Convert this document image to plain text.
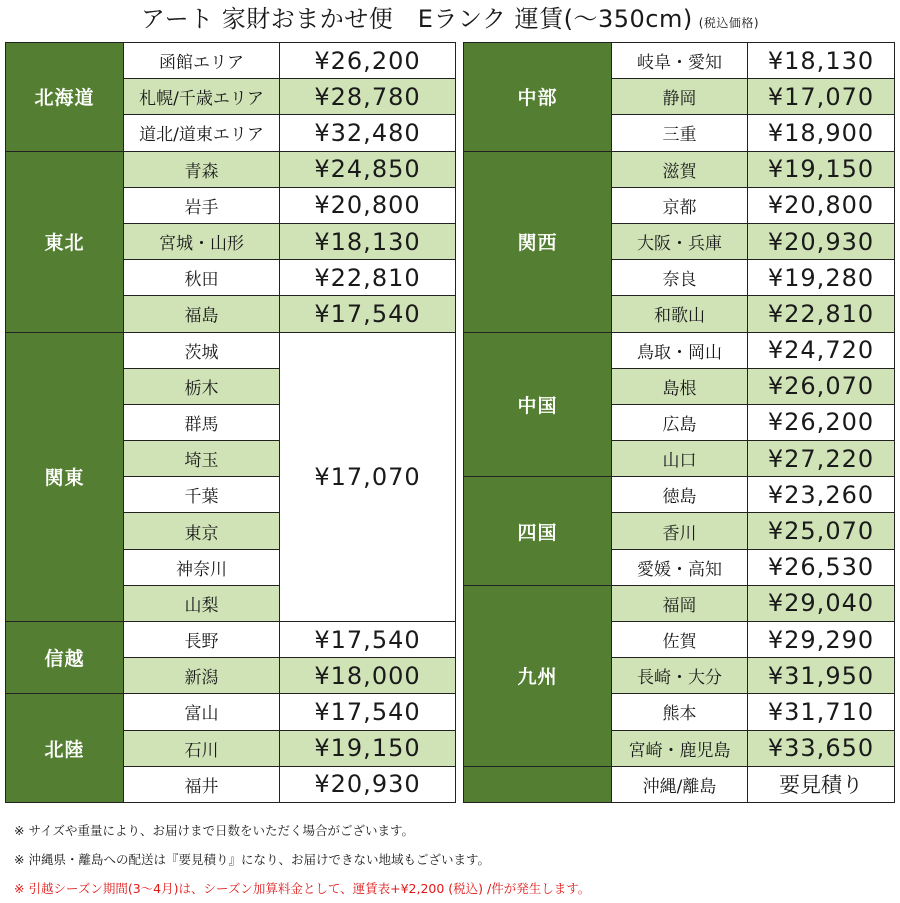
アート 家財おまかせ便　Eランク 運賃(～350cm) (税込価格)
北海道	函館エリア	¥26,200
	札幌/千歳エリア	¥28,780
	道北/道東エリア	¥32,480
東北	青森	¥24,850
	岩手	¥20,800
	宮城・山形	¥18,130
	秋田	¥22,810
	福島	¥17,540
関東	茨城	¥17,070
	栃木	
	群馬	
	埼玉	
	千葉	
	東京	
	神奈川	
	山梨	
信越	長野	¥17,540
	新潟	¥18,000
北陸	富山	¥17,540
	石川	¥19,150
	福井	¥20,930
中部	岐阜・愛知	¥18,130
	静岡	¥17,070
	三重	¥18,900
関西	滋賀	¥19,150
	京都	¥20,800
	大阪・兵庫	¥20,930
	奈良	¥19,280
	和歌山	¥22,810
中国	鳥取・岡山	¥24,720
	島根	¥26,070
	広島	¥26,200
	山口	¥27,220
四国	徳島	¥23,260
	香川	¥25,070
	愛媛・高知	¥26,530
九州	福岡	¥29,040
	佐賀	¥29,290
	長崎・大分	¥31,950
	熊本	¥31,710
	宮崎・鹿児島	¥33,650
	沖縄/離島	要見積り
※ サイズや重量により、お届けまで日数をいただく場合がございます。
※ 沖縄県・離島への配送は『要見積り』になり、お届けできない地域もございます。
※ 引越シーズン期間(3～4月)は、シーズン加算料金として、運賃表+¥2,200 (税込) /件が発生します。
